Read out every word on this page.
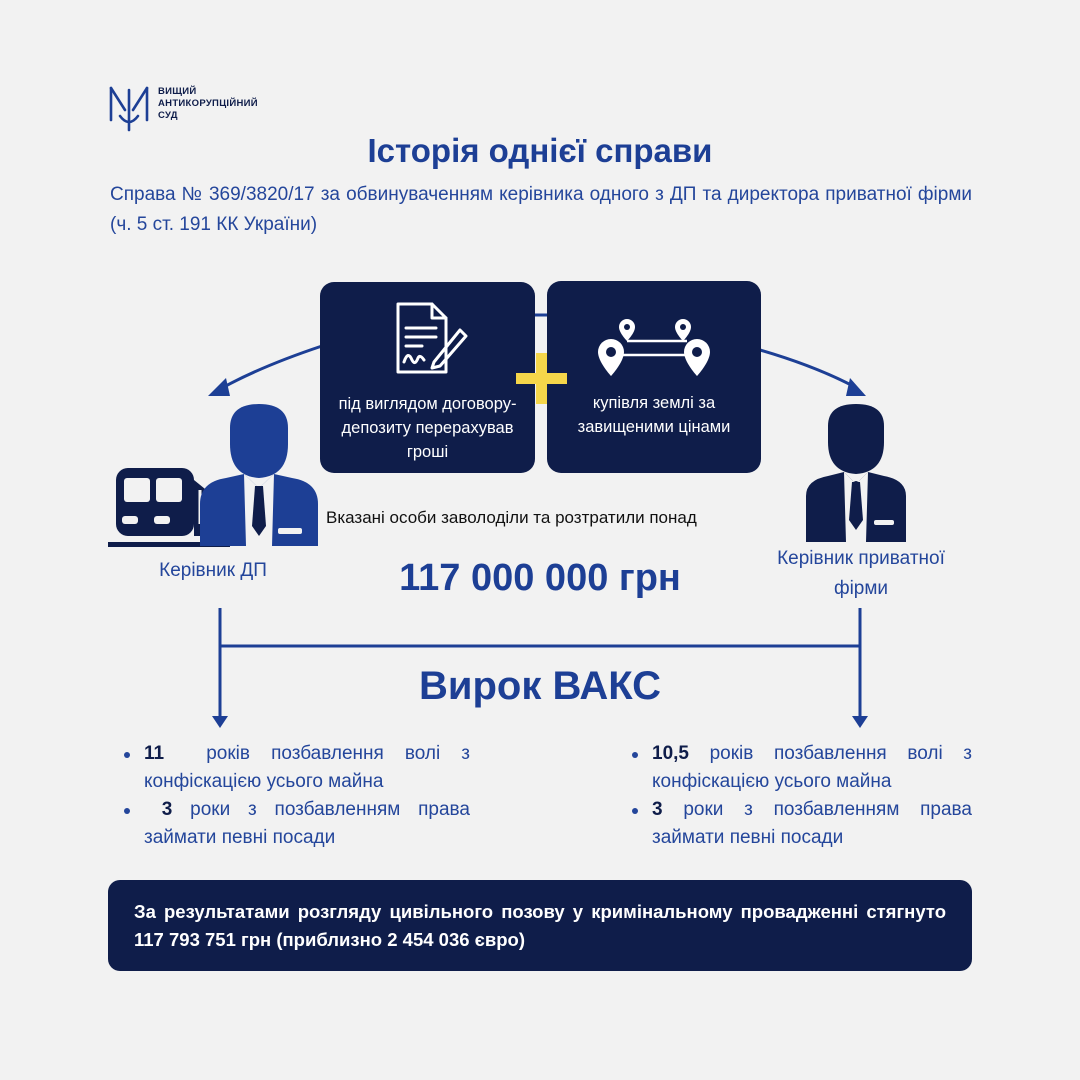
ВИЩИЙ
АНТИКОРУПЦІЙНИЙ
СУД
Історія однієї справи
Справа № 369/3820/17 за обвинуваченням керівника одного з ДП та директора приватної фірми (ч. 5 ст. 191 КК України)
під виглядом договору-депозиту перерахував гроші
купівля землі за завищеними цінами
Керівник ДП
Керівник приватної фірми
Вказані особи заволоділи та розтратили понад
117 000 000 грн
Вирок ВАКС
11 років позбавлення волі з конфіскацією усього майна
3 роки з позбавленням права займати певні посади
10,5 років позбавлення волі з конфіскацією усього майна
3 роки з позбавленням права займати певні посади
За результатами розгляду цивільного позову у кримінальному провадженні стягнуто 117 793 751 грн (приблизно 2 454 036 євро)
